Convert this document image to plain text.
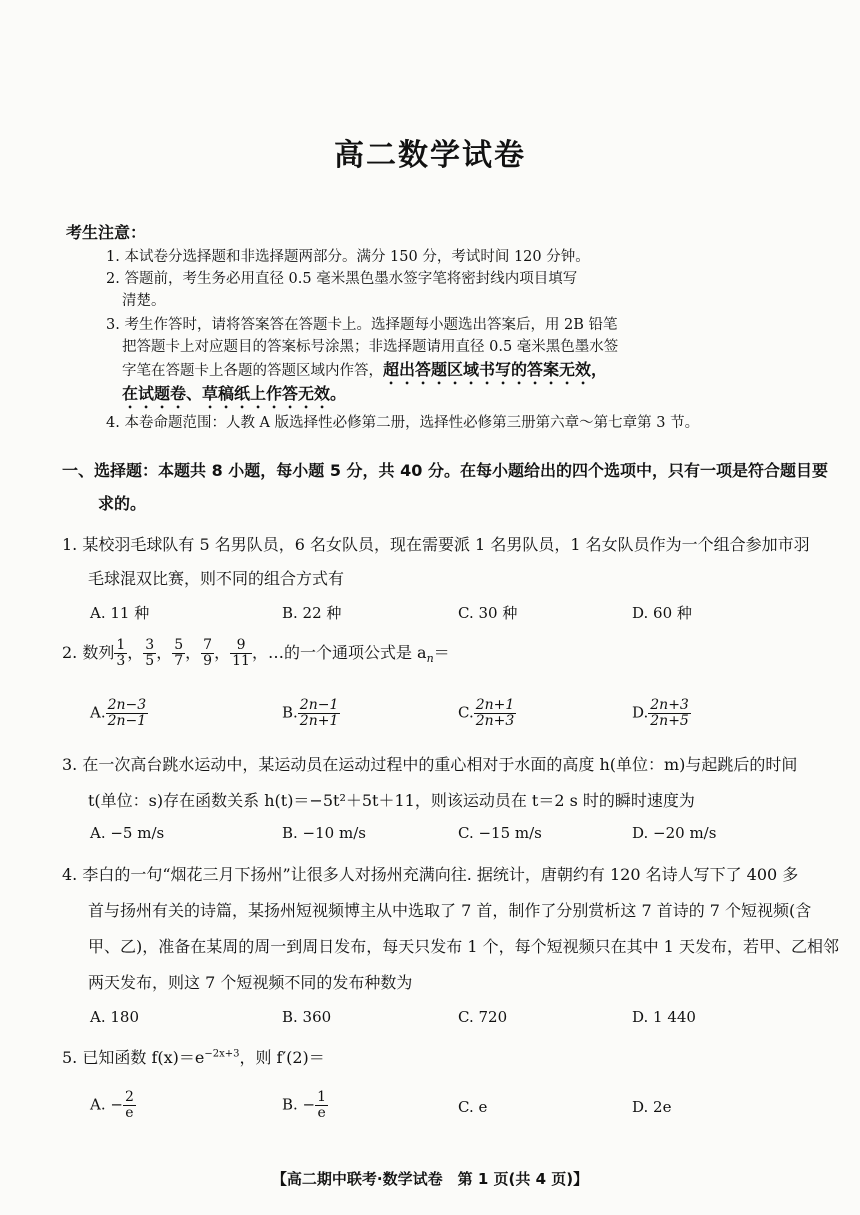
高二数学试卷
考生注意：
1. 本试卷分选择题和非选择题两部分。满分 150 分，考试时间 120 分钟。
2. 答题前，考生务必用直径 0.5 毫米黑色墨水签字笔将密封线内项目填写
清楚。
3. 考生作答时，请将答案答在答题卡上。选择题每小题选出答案后，用 2B 铅笔
把答题卡上对应题目的答案标号涂黑；非选择题请用直径 0.5 毫米黑色墨水签
字笔在答题卡上各题的答题区域内作答，超出答题区域书写的答案无效，
在试题卷、草稿纸上作答无效。
4. 本卷命题范围：人教 A 版选择性必修第二册，选择性必修第三册第六章～第七章第 3 节。
一、选择题：本题共 8 小题，每小题 5 分，共 40 分。在每小题给出的四个选项中，只有一项是符合题目要
求的。
1. 某校羽毛球队有 5 名男队员，6 名女队员，现在需要派 1 名男队员，1 名女队员作为一个组合参加市羽
毛球混双比赛，则不同的组合方式有
A. 11 种	B. 22 种	C. 30 种	D. 60 种
2. 数列 $\frac{1}{3}$ ， $\frac{3}{5}$ ， $\frac{5}{7}$ ， $\frac{7}{9}$ ， $\frac{9}{11}$ ，…的一个通项公式是 $a_n=$
A. $\frac{2n-3}{2n-1}$	B. $\frac{2n-1}{2n+1}$	C. $\frac{2n+1}{2n+3}$	D. $\frac{2n+3}{2n+5}$
3. 在一次高台跳水运动中，某运动员在运动过程中的重心相对于水面的高度 h(单位：m)与起跳后的时间
t(单位：s)存在函数关系 h(t)＝−5t²＋5t＋11，则该运动员在 t＝2 s 时的瞬时速度为
A. −5 m/s	B. −10 m/s	C. −15 m/s	D. −20 m/s
4. 李白的一句“烟花三月下扬州”让很多人对扬州充满向往. 据统计，唐朝约有 120 名诗人写下了 400 多
首与扬州有关的诗篇，某扬州短视频博主从中选取了 7 首，制作了分别赏析这 7 首诗的 7 个短视频(含
甲、乙)，准备在某周的周一到周日发布，每天只发布 1 个，每个短视频只在其中 1 天发布，若甲、乙相邻
两天发布，则这 7 个短视频不同的发布种数为
A. 180	B. 360	C. 720	D. 1 440
5. 已知函数 $f(x)=e^{-2x+3}$，则 f′(2)＝
A. − $\frac{2}{e}$	B. − $\frac{1}{e}$	C. e	D. 2e
【高二期中联考·数学试卷　第 1 页(共 4 页)】
